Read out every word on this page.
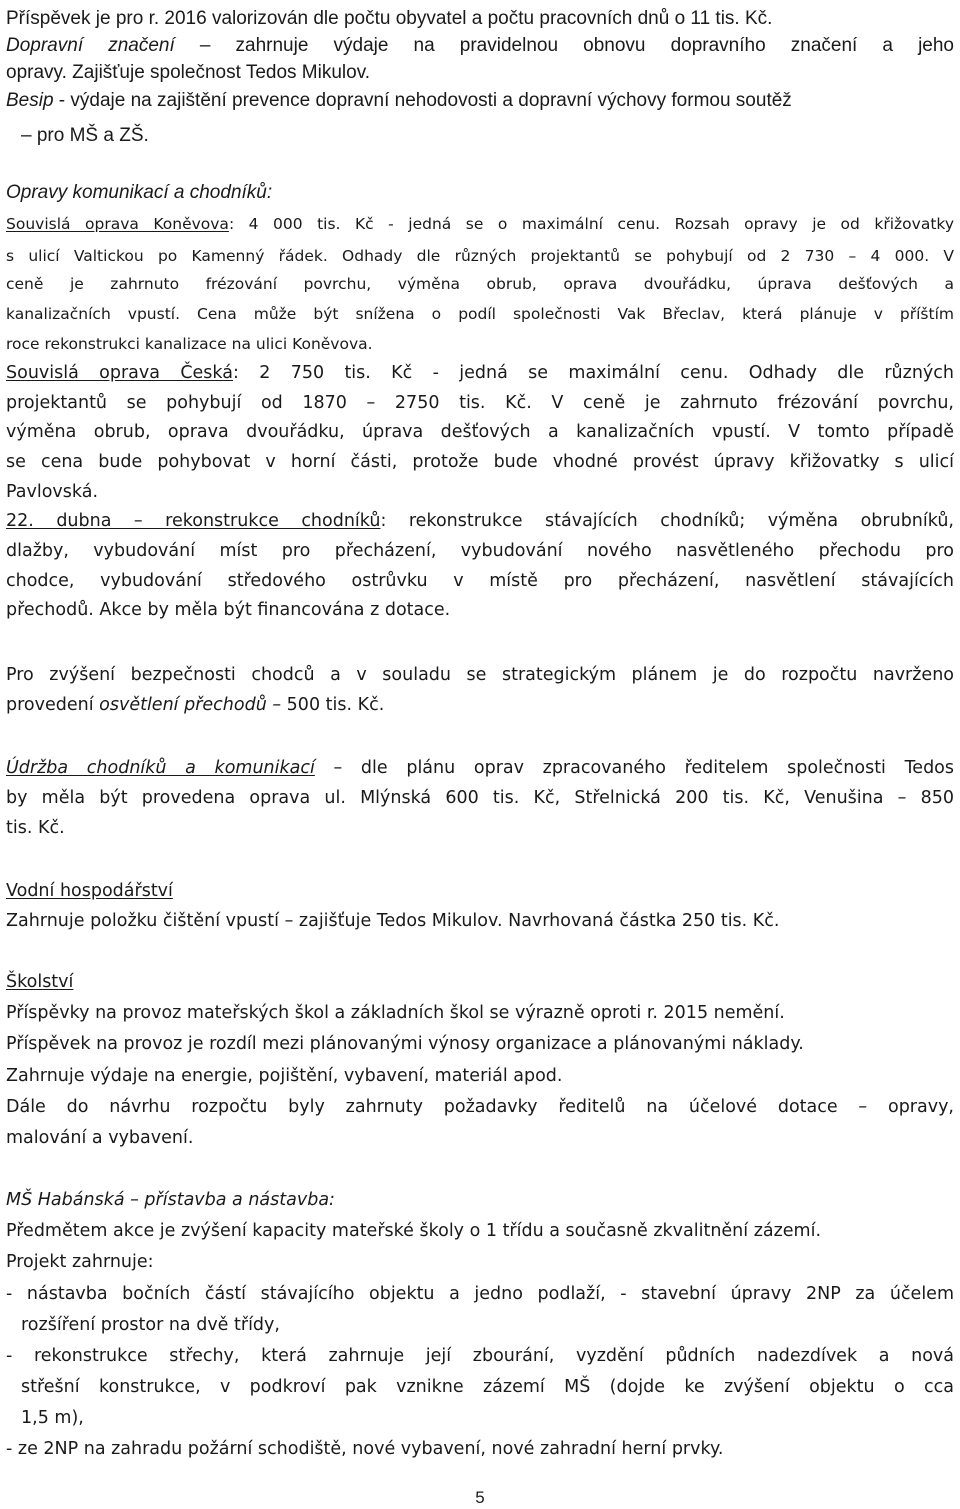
Příspěvek je pro r. 2016 valorizován dle počtu obyvatel a počtu pracovních dnů o 11 tis. Kč.

Dopravní značení – zahrnuje výdaje na pravidelnou obnovu dopravního značení a jeho

opravy. Zajišťuje společnost Tedos Mikulov.

Besip - výdaje na zajištění prevence dopravní nehodovosti a dopravní výchovy formou soutěž

– pro MŠ a ZŠ.

Opravy komunikací a chodníků:

Souvislá oprava Koněvova: 4 000 tis. Kč - jedná se o maximální cenu. Rozsah opravy je od křižovatky

s ulicí Valtickou po Kamenný řádek. Odhady dle různých projektantů se pohybují od 2 730 – 4 000. V

ceně je zahrnuto frézování povrchu, výměna obrub, oprava dvouřádku, úprava dešťových a

kanalizačních vpustí. Cena může být snížena o podíl společnosti Vak Břeclav, která plánuje v příštím

roce rekonstrukci kanalizace na ulici Koněvova.

Souvislá oprava Česká: 2 750 tis. Kč - jedná se maximální cenu. Odhady dle různých

projektantů se pohybují od 1870 – 2750 tis. Kč. V ceně je zahrnuto frézování povrchu,

výměna obrub, oprava dvouřádku, úprava dešťových a kanalizačních vpustí. V tomto případě

se cena bude pohybovat v horní části, protože bude vhodné provést úpravy křižovatky s ulicí

Pavlovská.

22. dubna – rekonstrukce chodníků: rekonstrukce stávajících chodníků; výměna obrubníků,

dlažby, vybudování míst pro přecházení, vybudování nového nasvětleného přechodu pro

chodce, vybudování středového ostrůvku v místě pro přecházení, nasvětlení stávajících

přechodů. Akce by měla být financována z dotace.

Pro zvýšení bezpečnosti chodců a v souladu se strategickým plánem je do rozpočtu navrženo

provedení osvětlení přechodů – 500 tis. Kč.

Údržba chodníků a komunikací – dle plánu oprav zpracovaného ředitelem společnosti Tedos

by měla být provedena oprava ul. Mlýnská 600 tis. Kč, Střelnická 200 tis. Kč, Venušina – 850

tis. Kč.

Vodní hospodářství

Zahrnuje položku čištění vpustí – zajišťuje Tedos Mikulov. Navrhovaná částka 250 tis. Kč.

Školství

Příspěvky na provoz mateřských škol a základních škol se výrazně oproti r. 2015 nemění.

Příspěvek na provoz je rozdíl mezi plánovanými výnosy organizace a plánovanými náklady.

Zahrnuje výdaje na energie, pojištění, vybavení, materiál apod.

Dále do návrhu rozpočtu byly zahrnuty požadavky ředitelů na účelové dotace – opravy,

malování a vybavení.

MŠ Habánská – přístavba a nástavba:

Předmětem akce je zvýšení kapacity mateřské školy o 1 třídu a současně zkvalitnění zázemí.

Projekt zahrnuje:

- nástavba bočních částí stávajícího objektu a jedno podlaží, - stavební úpravy 2NP za účelem

rozšíření prostor na dvě třídy,

- rekonstrukce střechy, která zahrnuje její zbourání, vyzdění půdních nadezdívek a nová

střešní konstrukce, v podkroví pak vznikne zázemí MŠ (dojde ke zvýšení objektu o cca

1,5 m),

- ze 2NP na zahradu požární schodiště, nové vybavení, nové zahradní herní prvky.

5
